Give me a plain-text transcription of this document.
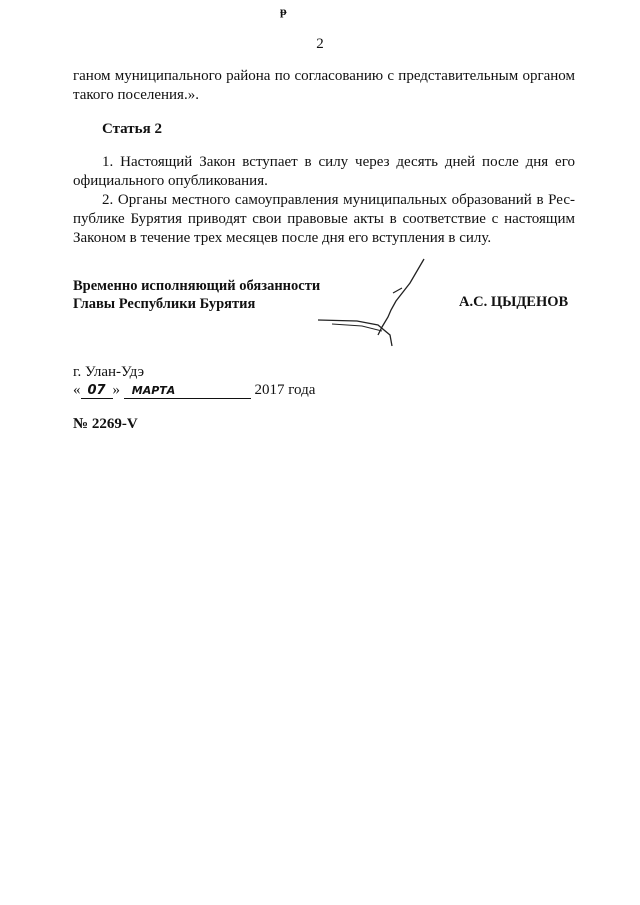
ᵽ
2
ганом муниципального района по согласованию с представительным органом такого поселения.».
Статья 2
1. Настоящий Закон вступает в силу через десять дней после дня его официального опубликования.
2. Органы местного самоуправления муниципальных образований в Республике Бурятия приводят свои правовые акты в соответствие с настоящим Законом в течение трех месяцев после дня его вступления в силу.
Временно исполняющий обязанности
Главы Республики Бурятия	А.С. ЦЫДЕНОВ
г. Улан-Удэ
« 07 » МАРТА	2017 года
№ 2269-V
